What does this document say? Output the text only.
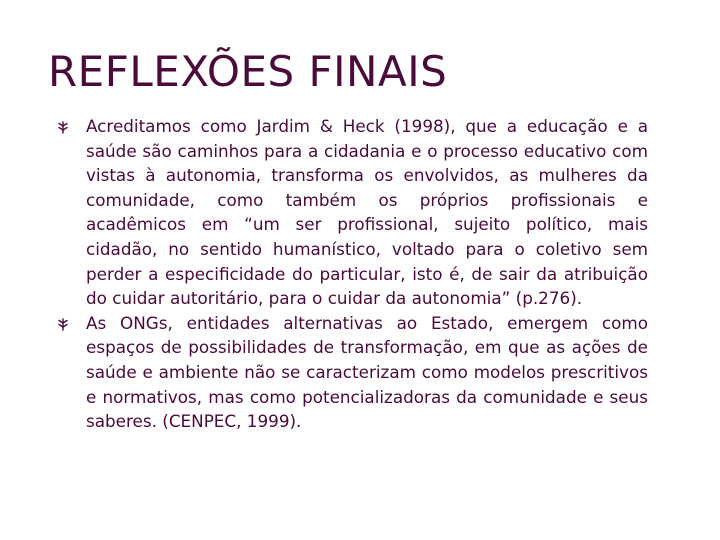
REFLEXÕES FINAIS
Acreditamos como Jardim & Heck (1998), que a educação e a saúde são caminhos para a cidadania e o processo educativo com vistas à autonomia, transforma os envolvidos, as mulheres da comunidade, como também os próprios profissionais e acadêmicos em “um ser profissional, sujeito político, mais cidadão, no sentido humanístico, voltado para o coletivo sem perder a especificidade do particular, isto é, de sair da atribuição do cuidar autoritário, para o cuidar da autonomia” (p.276).
As ONGs, entidades alternativas ao Estado, emergem como espaços de possibilidades de transformação, em que as ações de saúde e ambiente não se caracterizam como modelos prescritivos e normativos, mas como potencializadoras da comunidade e seus saberes. (CENPEC, 1999).
